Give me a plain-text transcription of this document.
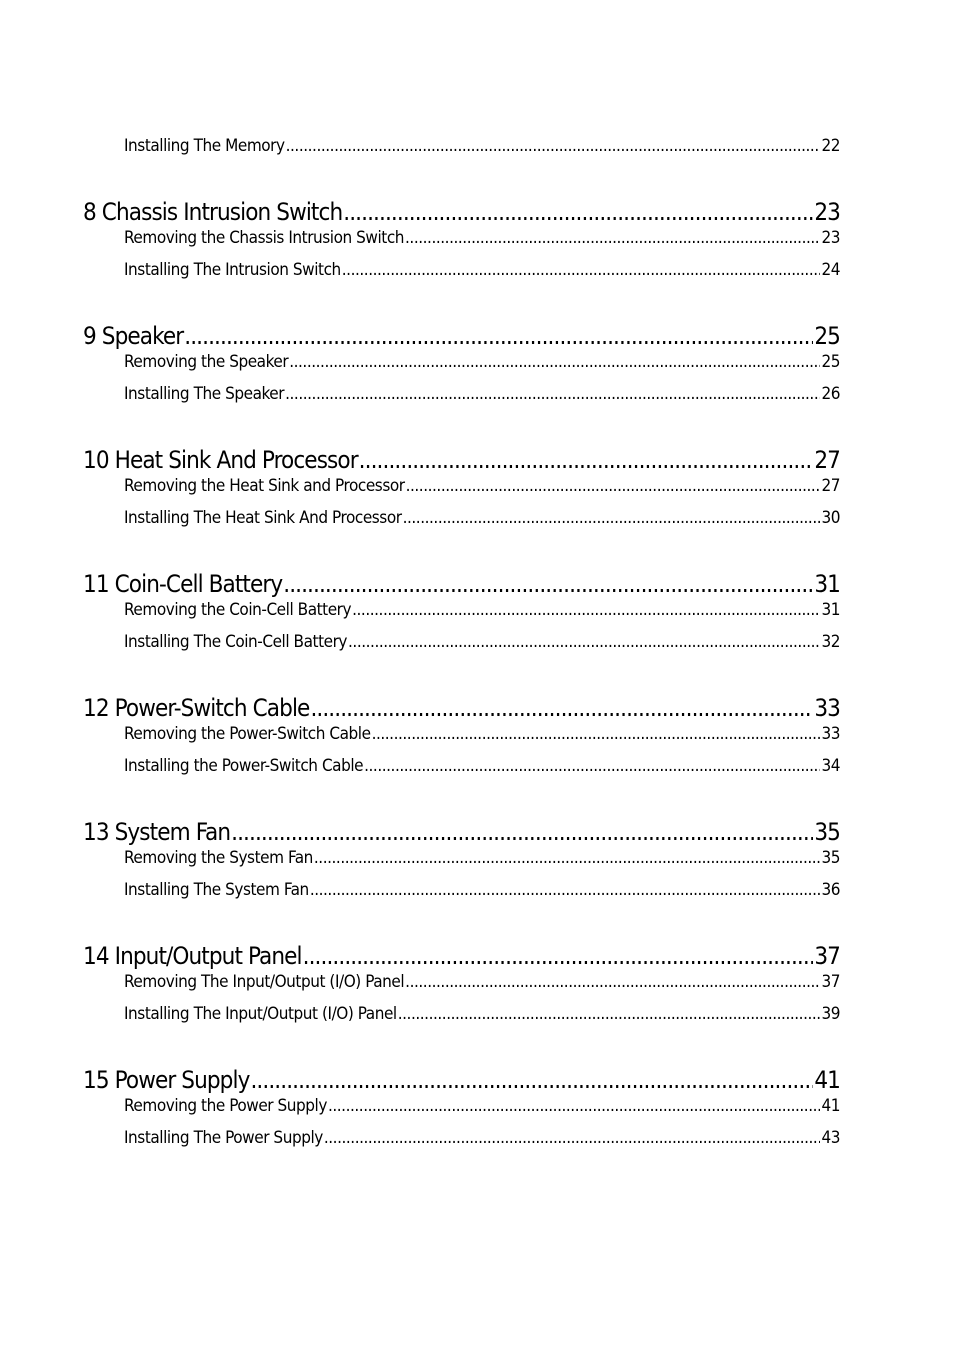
Installing The Memory .....	22
8 Chassis Intrusion Switch .....	23
Removing the Chassis Intrusion Switch .....	23
Installing The Intrusion Switch .....	24
9 Speaker .....	25
Removing the Speaker .....	25
Installing The Speaker .....	26
10 Heat Sink And Processor .....	27
Removing the Heat Sink and Processor .....	27
Installing The Heat Sink And Processor .....	30
11 Coin-Cell Battery .....	31
Removing the Coin-Cell Battery .....	31
Installing The Coin-Cell Battery .....	32
12 Power-Switch Cable .....	33
Removing the Power-Switch Cable .....	33
Installing the Power-Switch Cable .....	34
13 System Fan .....	35
Removing the System Fan .....	35
Installing The System Fan .....	36
14 Input/Output Panel .....	37
Removing The Input/Output (I/O) Panel .....	37
Installing The Input/Output (I/O) Panel .....	39
15 Power Supply .....	41
Removing the Power Supply .....	41
Installing The Power Supply .....	43
